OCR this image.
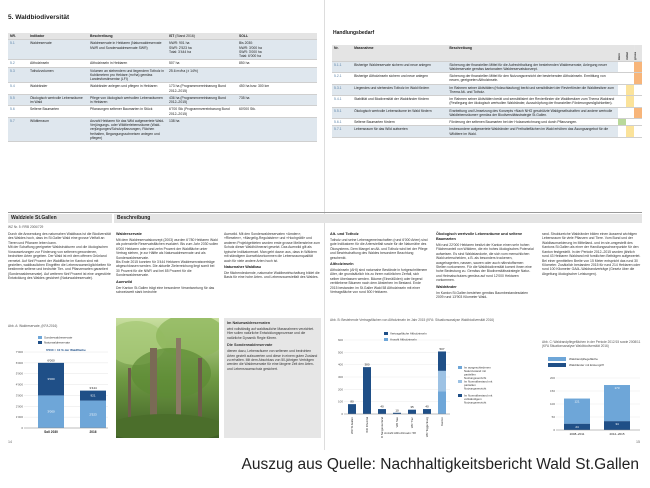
5. Waldbiodiversität
NR.	Indikator	Beschreibung	IST (Stand 2016)	SOLL
5.1	Waldreservate	Waldreservate in Hektaren (Naturwaldreservate NWR und Sonderwaldreservate SWR)	NWR: 901 ha
SWR: 2'523 ha
Total: 3'444 ha	Bis 2030:
NWR: 3'000 ha
SWR: 3'000 ha
Total: 6'000 ha
5.2	Altholzinseln	Altholzinseln in Hektaren	507 ha	850 ha
5.3	Totholzvolumen	Volumen an stehendem und liegendem Totholz in Kubikmetern pro Hektare (m³/ha) gemäss Landesforstinventar (LFI)	25.6 m³/ha (± 14%)	
5.4	Waldränder	Waldränder anlegen und pflegen in Hektaren	173 ha (Programmvereinbarung Bund 2012–2015)	450 ha bzw. 300 km
5.5	Ökologisch wertvolle Lebensräume im Wald	Pflege von ökologisch wertvollen Lebensräumen in Hektaren	436 ha (Programmvereinbarung Bund 2012–2015)	735 ha
5.6	Seltene Baumarten	Pflanzungen seltener Baumarten in Stück	6'700 Stk (Programmvereinbarung Bund 2012–2015)	60'000 Stk.
5.7	Wildtierraum	Anzahl Hektaren für das Wild aufgewertete Wald-Verjüngungs- oder Wildtierlebensräume (Wald-verjüngungen/Schutzpflanzungen, Flächen freihalten, Begangungsschneisen anlegen und pflegen)	138 ha	
Handlungsbedarf
Nr.	Massnahme	Beschreibung	klein	mittel	gross
5.1.1	Bisherige Waldreservate sichern und neue anlegen	Sicherung der finanziellen Mittel für die Aufrechthaltung der bestehenden Waldreservate, Anlegung neuer Waldreservate gemäss kantonalem Waldreservatskonzept.			
5.2.1	Bisherige Altholzinseln sichern und neue anlegen	Sicherung der finanziellen Mittel für den Nutzungsverzicht der bestehenden Altholzinseln. Ermittlung von neuen, geeigneten Altholzinseln.			
5.3.1	Liegendes und stehendes Totholz im Wald fördern	Im Rahmen seiner Aktivitäten (Holzschlaufung) berät und sensibilisiert der Revierförster die Waldbesitzer zum Thema Alt- und Totholz.			
5.4.1	Stabilität und Biodiversität der Waldränder fördern	Im Rahmen seiner Aktivitäten berät und sensibilisiert der Revierförster die Waldbesitzer zum Thema Waldrand (Festlegung der ökologisch wertvollen Waldränder, Ausschöpfung der finanziellen Förderungsmöglichkeiten).			
5.5.1	Ökologisch wertvolle Lebensräume im Wald fördern	Erarbeitung und Umsetzung des Konzepts «Nach NHG geschützte Waldgesellschaften und andere wertvolle Waldlebensräume» gemäss der Biodiversitätsstrategie St.Gallen.			
5.6.1	Seltene Baumarten fördern	Förderung der seltenen Baumarten bei der Holzanzeichnung und durch Pflanzungen.			
5.7.1	Lebensraum für das Wild aufwerten	Insbesondere aufgewertete Waldränder und Freihalteflächen im Wald erhöhen das Äsungsangebot für die Wildtiere im Wald.			
Waldziele St.Gallen	Beschreibung
WZ Nr. 5: RRB 2006/729

Durch die Anwendung des naturnahen Waldbaus ist die Biodiversität des Waldes hoch, dass im St.Galler Wald eine grosse Vielfalt an Tieren und Pflanzen leben kann.
Mit der Schaffung geeigneter Waldstrukturen und die ökologischen Voraussetzungen zur Förderung von seltenen gewordenen, bedrohten Arten gegeben. Der Wald ist mit dem offenen Grünland vernetzt. Auf fünf Prozent der Waldfläche im Kanton sind mit gezielten, waldbaulichen Eingriffen die Lebensraummöglichkeiten für bestimmte seltene und bedrohte Tier- und Pflanzenarten garantiert (Sonderwaldreservate). Auf weiteren fünf Prozent ist eine ungestörte Entwicklung des Waldes gesichert (Naturwaldreservate).

Waldreservate

Mit dem Waldreservatskonzept (2003) wurden 6'780 Hektaren Wald als potenzielle Reservatsflächen evaluiert. Bis zum Jahr 2030 sollen 6'000 Hektaren oder rund zehn Prozent der Waldfläche unter Vertrag stehen, je zur Hälfte als Naturwaldreservate und als Sonderwaldreservate.
Bis Ende 2015 konnten für 3'444 Hektaren Waldreservatsverträge abgeschlossen werden. Die aktuelle Zielerreichung liegt somit bei 30 Prozent für die NWR und bei 85 Prozent für die Sonderwaldreservate.

Auerwild

Der Kanton St.Gallen trägt eine besondere Verantwortung für das schweizweit stark bedrohte

Auerwild. Mit den Sonderwaldreservaten «Amden», «Rieselen», «Margelig-Regulaisten» und «Hochgrätli» und anderen Projektgebieten wurden erste grosse Meilensteine zum Schutz dieser Waldhühnerart gesetzt. Das Auerwild gilt als typische Indikatorenart. Man geht davon aus, dass in Wäldern mit ständigem Auerwildvorkommen die Lebensraumqualität auch für viele andere Arten hoch ist.

Naturnaher Waldbau

Die flächendeckende, naturnahe Waldbewirtschaftung bildet die Basis für eine hohe Arten- und Lebensraumvielfalt des Waldes.

Alt- und Totholz

Totholz und seine Lebensgemeinschaften (rund 6'000 Arten) sind gute Indikatoren für die Artenvielfalt sowie für die Naturnähe des Ökosystems. Dem Mangel an Alt- und Totholz wird bei der Pflege und Bewirtschaftung des Waldes besondere Beachtung geschenkt.

Altholzinseln

Altholzinseln (AHI) sind naturnahe Bestände in fortgeschrittenem Alter, die grundsätzlich bis zu ihrem natürlichen Zerfall, sich selber überlassen werden. Bäume (Einmäßiden) oder liegend verbliebene Bäumen nach dem Absterben im Bestand. Ende 2015 bestanden im St.Galler Wald 58 Altholzinseln mit einer Vertragsfläche von rund 500 Hektaren.

Ökologisch wertvolle Lebensräume und seltene Baumarten

Mit rund 22'000 Hektaren besitzt der Kanton einen sehr hohen Flächenanteil von Wäldern, die ein hohes ökologisches Potenzial aufweisen. Es sind Waldstandorte, die sich vom menschlichen Wald unterscheiden, z.B. als besonders trockenen, ausgehagerten, nassen, sauren oder auch nährstoffarmen Stellen vorkommen. Für die Waldbiodiversität kommt ihnen eine hohe Bedeutung zu. Gemäss der Biodiversitätsstrategie Natur- und Heimatschutzes gemäss auf rund 12'000 Hektaren vorkommen.

Waldränder

Im Kanton St.Gallen bestehen gemäss Baumbestandesdaten 2009 rund 13'903 Kilometer Wald-

rand. Struktureiche Waldränder bilden einen äusserst wichtigen Lebensraum für viele Pflanzen und Tiere. Vom Bund und der Waldbaumarkierung im Mittelland- und im sie-umgestellt des Kantons St.Gallen als einer der Handlungsschwerpunkte für den Kanton festgestellt. In der Periode 2012–2015 wurden jährlich rund 43 Hektaren Waldrand mit forstlichen Beiträgen aufgewertet. Bei einer gemittelten Breite von 15 Meter entspricht das rund 30 Kilometer. Zusätzlich bestanden 2015 für rund 214 Hektaren oder rund 100 Kilometer GAöL-Waldrandverträge (Gesetz über die Abgeltung ökologischer Leistungen).

Im Naturwaldreservaten

wird vollständig auf waldbauliche Massnahmen verzichtet. Hier sollen natürliche Entwicklungsprozesse und die natürliche Dynamik Regie führen.

Die Sonderwaldreservate

dienen dazu, Lebensräume von seltenen und bedrohten Arten gezielt aufzuwerten und diese in einem guten Zustand zu erhalten. Mit dem Abschluss von 50-jährigen Verträgen werden die Waldreservate für eine längere Zeit den Arten- und Lebensraumschutz gesichert.

Abb. A: Waldreservate, (KFA 2016)
Abb. B: Bestehende Vertragsflächen von Altholzinseln im Jahr 2015 (KFA: Situationsanalyse Waldbiodiversität 2016)
Abb. C: Waldrandpflegeflächen in der Periode 2012/15 sowie 2008/11 (KFA Situationsanalyse Waldbiodiversität 2016)
7'000
6'000
5'000
4'000
3'000
2'000
1'000
0
Sonderwaldreservate
Naturwaldreservate
6'000 = 10 % der Waldfläche
3’000
3’000
6’000
Soll 2030
2’523
921
3’444
2016
600
500
400
300
200
100
0
Vertragsfläche Altholzinseln
Anzahl Altholzinseln
80
WR St.Gallen
380
WR Rheintal
40
WR Sarganserland
10
WR See
35
WR Thur
40
WR Toggenburg
507
Kanton
Anzahl Altholzinseln: 58
Im ausgeschiedenen Naturzustand mit partiellen Nutzungsverzicht
Im Normalbestand mit partiellen Nutzungsverzicht
Im Normalbestand mit vollständigem Nutzungsverzicht
Waldrandpflegefläche
Waldränder mit Erstengriff
200
150
100
50
0
121
24
2008–2011
173
34
2012–2015
14	15
Auszug aus Quelle: Nachhaltigkeitsbericht Wald St.Gallen
